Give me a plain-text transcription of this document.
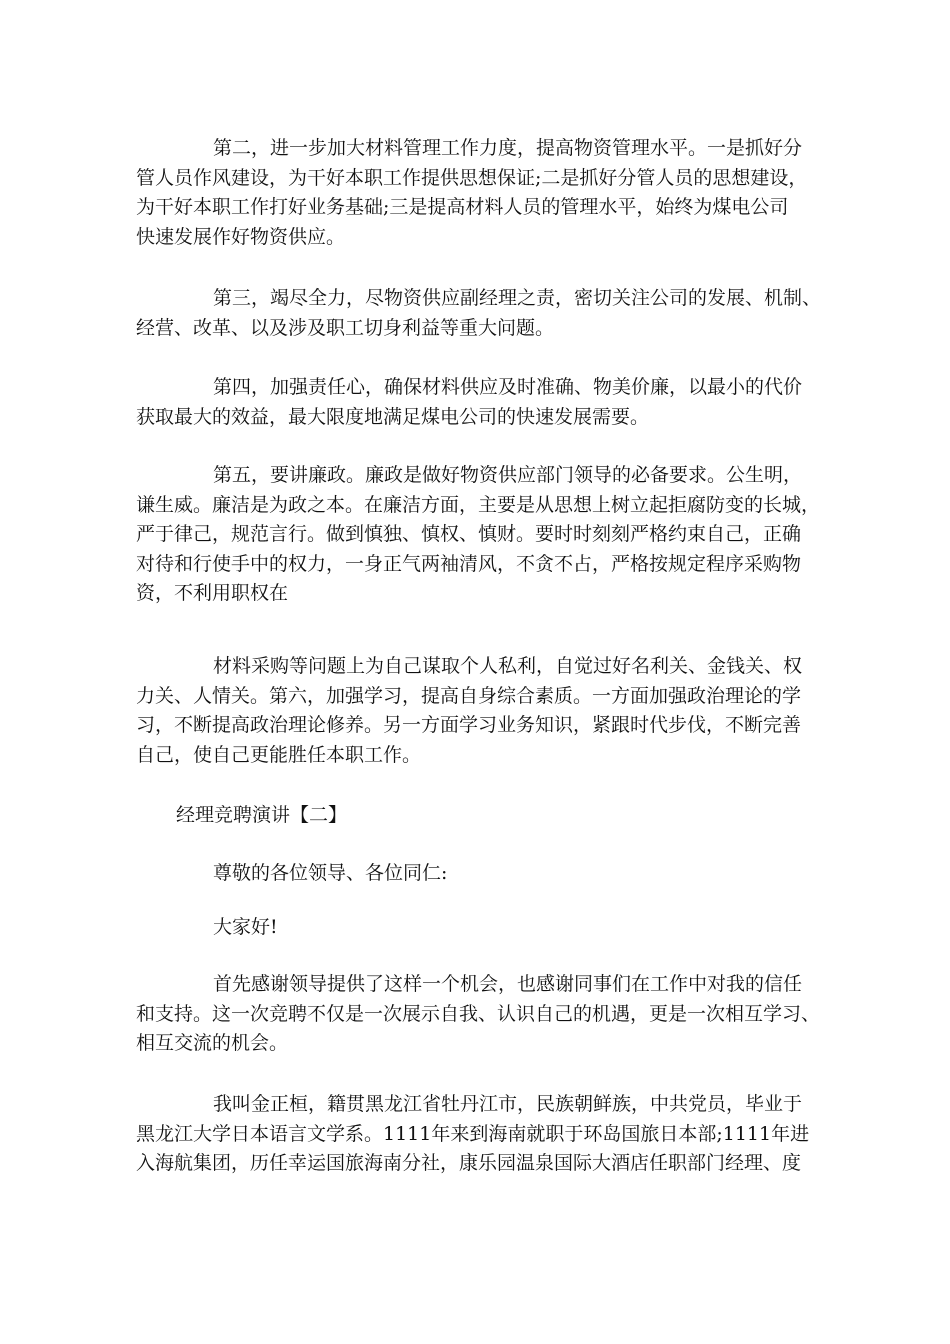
第二，进一步加大材料管理工作力度，提高物资管理水平。一是抓好分
管人员作风建设，为干好本职工作提供思想保证;二是抓好分管人员的思想建设，
为干好本职工作打好业务基础;三是提高材料人员的管理水平，始终为煤电公司
快速发展作好物资供应。
第三，竭尽全力，尽物资供应副经理之责，密切关注公司的发展、机制、
经营、改革、以及涉及职工切身利益等重大问题。
第四，加强责任心，确保材料供应及时准确、物美价廉，以最小的代价
获取最大的效益，最大限度地满足煤电公司的快速发展需要。
第五，要讲廉政。廉政是做好物资供应部门领导的必备要求。公生明，
谦生威。廉洁是为政之本。在廉洁方面，主要是从思想上树立起拒腐防变的长城，
严于律己，规范言行。做到慎独、慎权、慎财。要时时刻刻严格约束自己，正确
对待和行使手中的权力，一身正气两袖清风，不贪不占，严格按规定程序采购物
资，不利用职权在
材料采购等问题上为自己谋取个人私利，自觉过好名利关、金钱关、权
力关、人情关。第六，加强学习，提高自身综合素质。一方面加强政治理论的学
习，不断提高政治理论修养。另一方面学习业务知识，紧跟时代步伐，不断完善
自己，使自己更能胜任本职工作。
经理竞聘演讲【二】
尊敬的各位领导、各位同仁:
大家好!
首先感谢领导提供了这样一个机会，也感谢同事们在工作中对我的信任
和支持。这一次竞聘不仅是一次展示自我、认识自己的机遇，更是一次相互学习、
相互交流的机会。
我叫金正桓，籍贯黑龙江省牡丹江市，民族朝鲜族，中共党员，毕业于
黑龙江大学日本语言文学系。1111年来到海南就职于环岛国旅日本部;1111年进
入海航集团，历任幸运国旅海南分社，康乐园温泉国际大酒店任职部门经理、度
